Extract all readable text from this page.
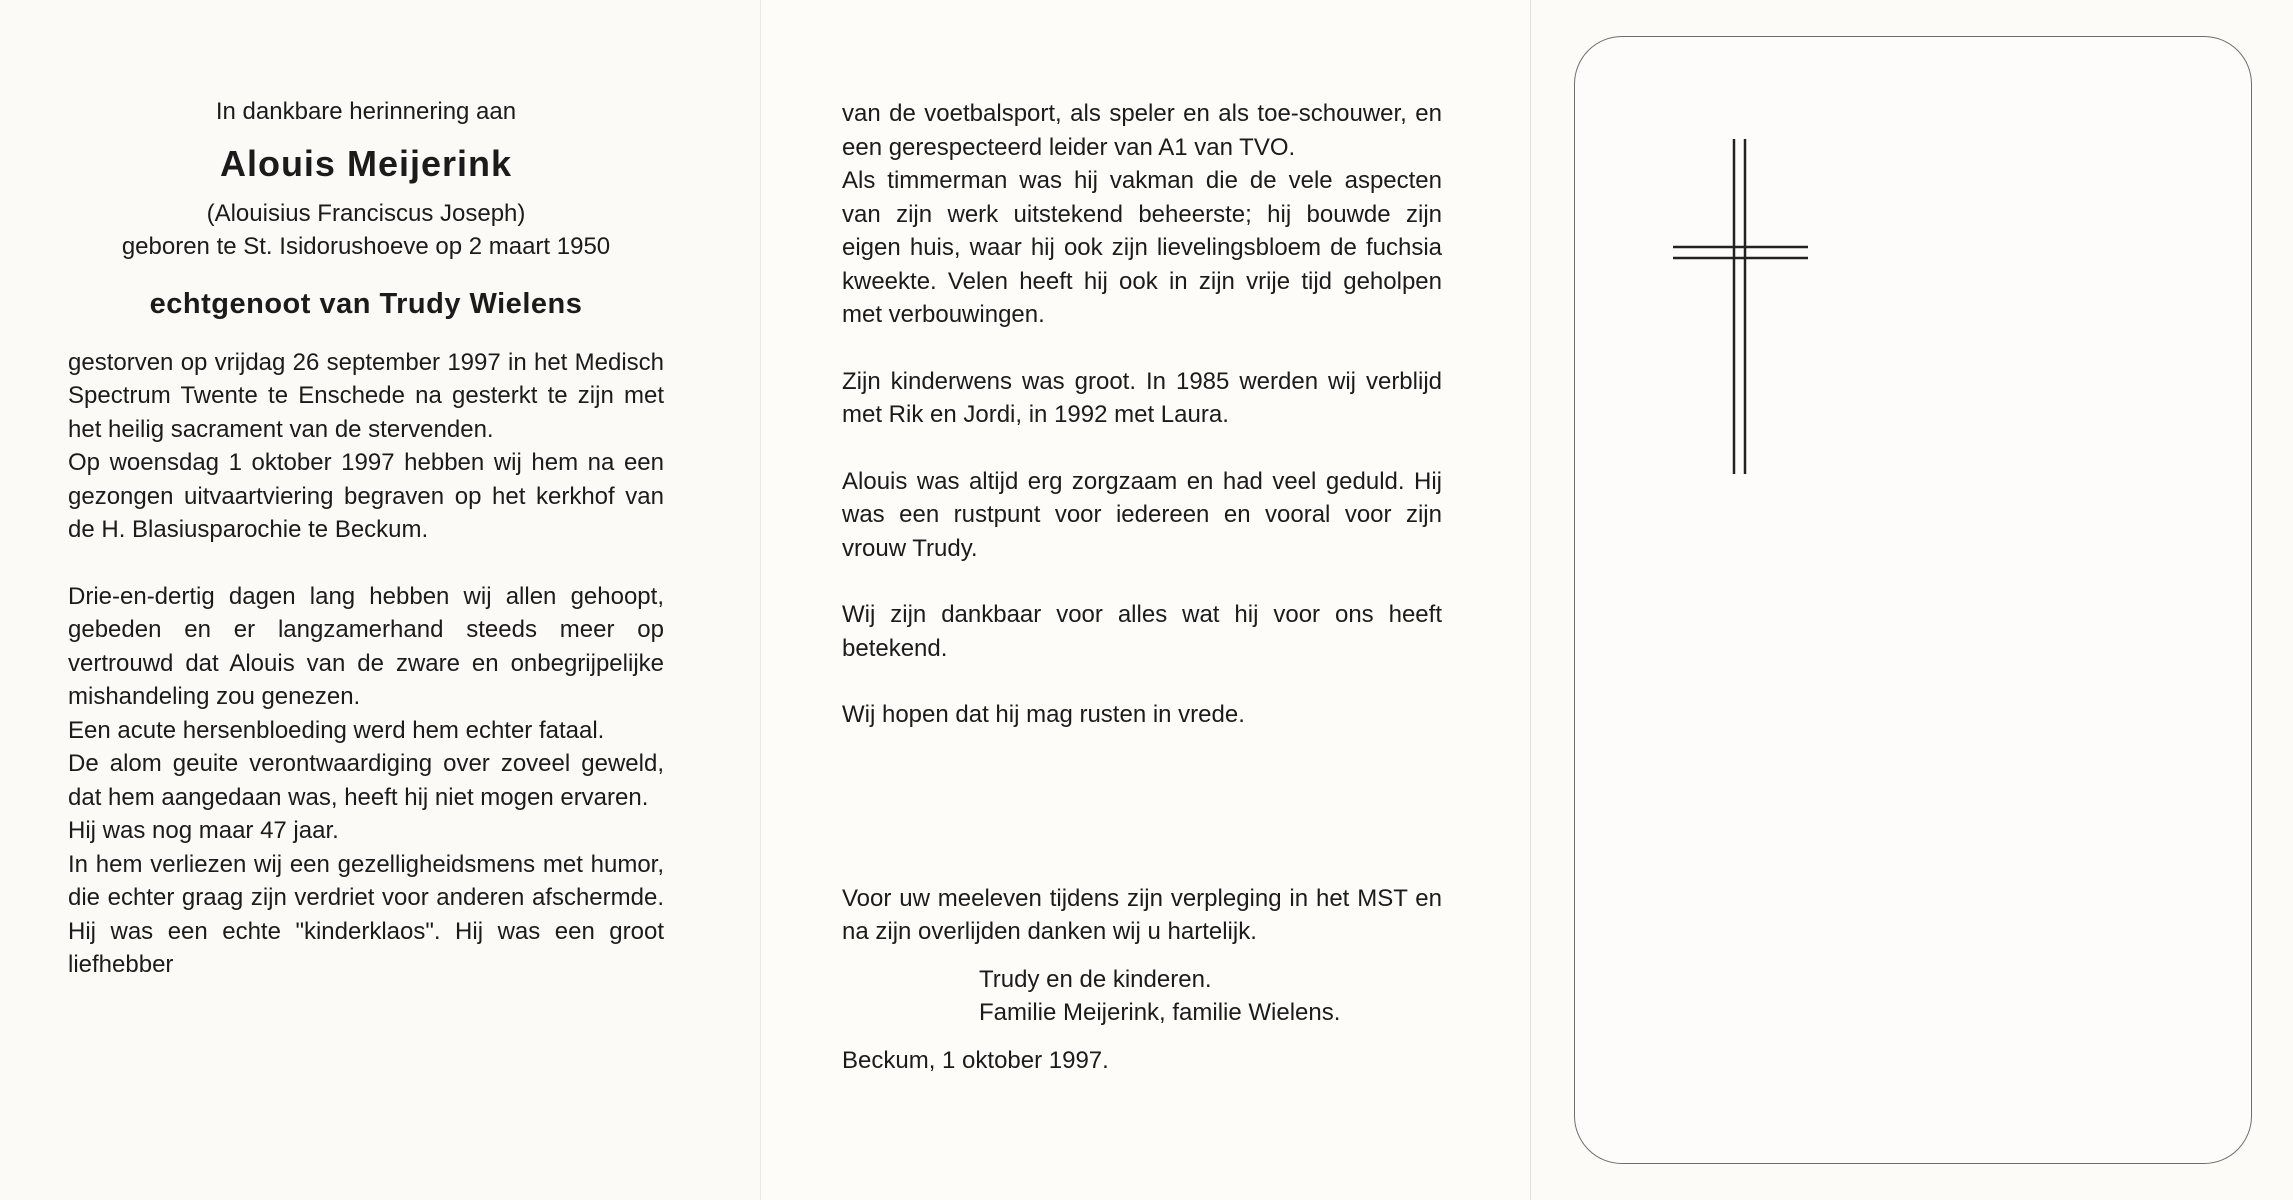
In dankbare herinnering aan
Alouis Meijerink
(Alouisius Franciscus Joseph)
geboren te St. Isidorushoeve op 2 maart 1950
echtgenoot van Trudy Wielens
gestorven op vrijdag 26 september 1997 in het Medisch Spectrum Twente te Enschede na gesterkt te zijn met het heilig sacrament van de stervenden.
Op woensdag 1 oktober 1997 hebben wij hem na een gezongen uitvaartviering begraven op het kerkhof van de H. Blasiusparochie te Beckum.
Drie-en-dertig dagen lang hebben wij allen gehoopt, gebeden en er langzamerhand steeds meer op vertrouwd dat Alouis van de zware en onbegrijpelijke mishandeling zou genezen.
Een acute hersenbloeding werd hem echter fataal.
De alom geuite verontwaardiging over zoveel geweld, dat hem aangedaan was, heeft hij niet mogen ervaren.
Hij was nog maar 47 jaar.
In hem verliezen wij een gezelligheidsmens met humor, die echter graag zijn verdriet voor anderen afschermde. Hij was een echte "kinderklaos". Hij was een groot liefhebber
van de voetbalsport, als speler en als toe-schouwer, en een gerespecteerd leider van A1 van TVO.
Als timmerman was hij vakman die de vele aspecten van zijn werk uitstekend beheerste; hij bouwde zijn eigen huis, waar hij ook zijn lievelingsbloem de fuchsia kweekte. Velen heeft hij ook in zijn vrije tijd geholpen met verbouwingen.
Zijn kinderwens was groot. In 1985 werden wij verblijd met Rik en Jordi, in 1992 met Laura.
Alouis was altijd erg zorgzaam en had veel geduld. Hij was een rustpunt voor iedereen en vooral voor zijn vrouw Trudy.
Wij zijn dankbaar voor alles wat hij voor ons heeft betekend.
Wij hopen dat hij mag rusten in vrede.
Voor uw meeleven tijdens zijn verpleging in het MST en na zijn overlijden danken wij u hartelijk.
Trudy en de kinderen.
Familie Meijerink, familie Wielens.
Beckum, 1 oktober 1997.
